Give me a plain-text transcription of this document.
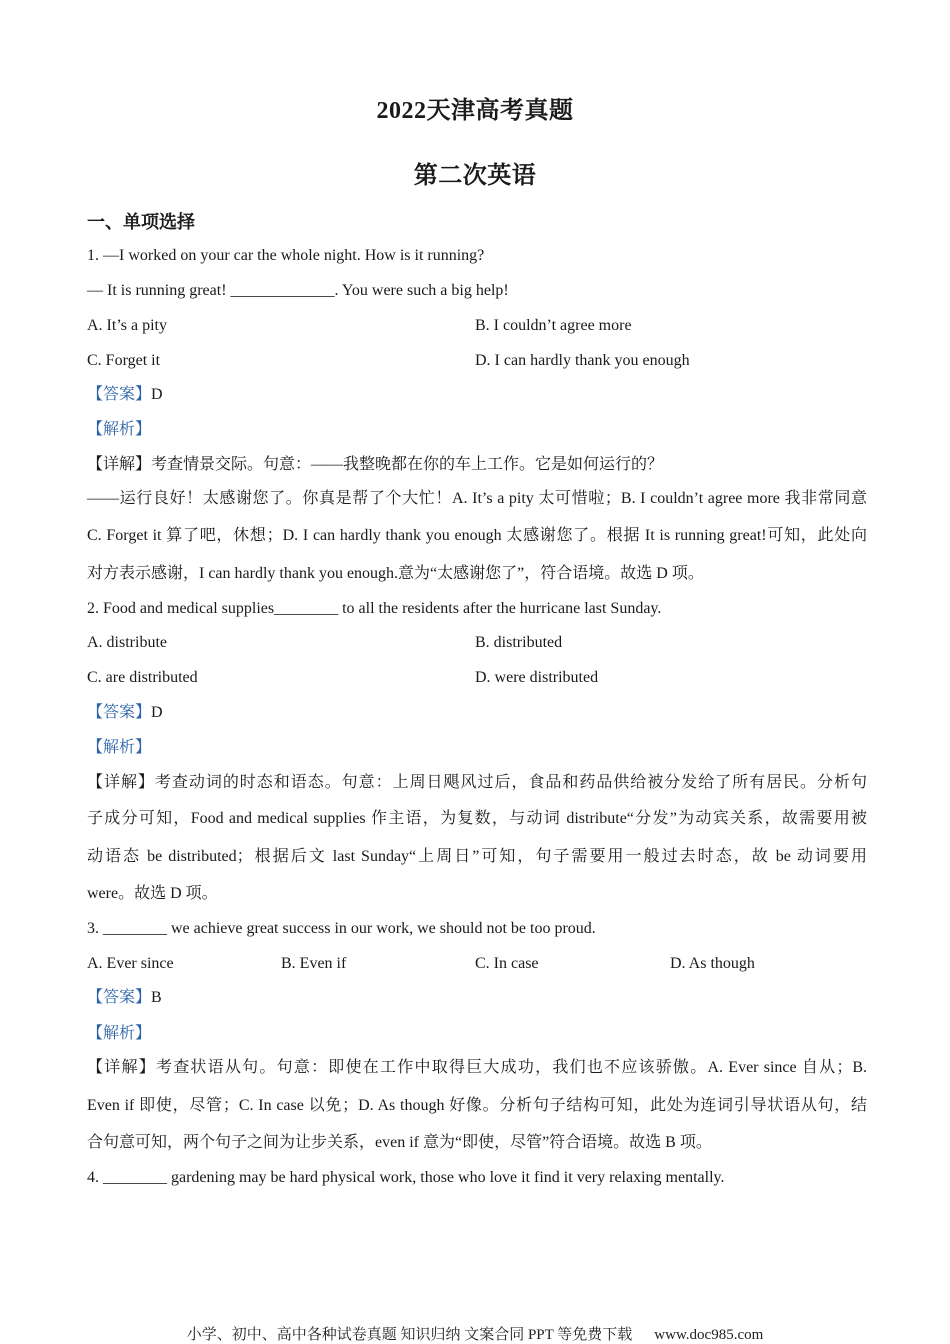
2022天津高考真题
第二次英语
一、单项选择
1. —I worked on your car the whole night. How is it running?
— It is running great! _____________. You were such a big help!
A. It’s a pity	B. I couldn’t agree more
C. Forget it	D. I can hardly thank you enough
【答案】D
【解析】
【详解】考查情景交际。句意：——我整晚都在你的车上工作。它是如何运行的？
——运行良好！太感谢您了。你真是帮了个大忙！A. It’s a pity 太可惜啦；B. I couldn’t agree more 我非常同意
C. Forget it 算了吧，休想；D. I can hardly thank you enough 太感谢您了。根据 It is running great!可知，此处向
对方表示感谢，I can hardly thank you enough.意为“太感谢您了”，符合语境。故选 D 项。
2. Food and medical supplies________ to all the residents after the hurricane last Sunday.
A. distribute	B. distributed
C. are distributed	D. were distributed
【答案】D
【解析】
【详解】考查动词的时态和语态。句意：上周日飓风过后，食品和药品供给被分发给了所有居民。分析句
子成分可知，Food and medical supplies 作主语，为复数，与动词 distribute“分发”为动宾关系，故需要用被
动语态 be distributed；根据后文 last Sunday“上周日”可知，句子需要用一般过去时态，故 be 动词要用
were。故选 D 项。
3. ________ we achieve great success in our work, we should not be too proud.
A. Ever since	B. Even if	C. In case	D. As though
【答案】B
【解析】
【详解】考查状语从句。句意：即使在工作中取得巨大成功，我们也不应该骄傲。A. Ever since 自从；B.
Even if 即使，尽管；C. In case 以免；D. As though 好像。分析句子结构可知，此处为连词引导状语从句，结
合句意可知，两个句子之间为让步关系，even if 意为“即使，尽管”符合语境。故选 B 项。
4. ________ gardening may be hard physical work, those who love it find it very relaxing mentally.
小学、初中、高中各种试卷真题 知识归纳 文案合同 PPT 等免费下载 www.doc985.com
